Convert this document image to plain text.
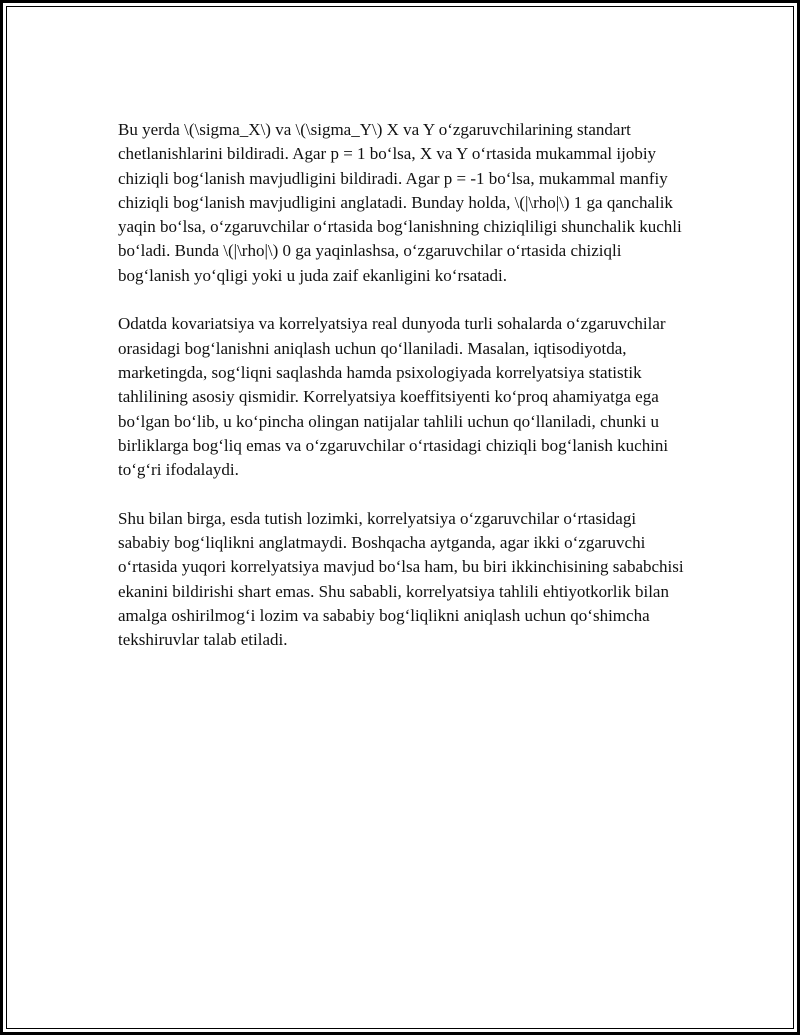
Bu yerda \(\sigma_X\) va \(\sigma_Y\) X va Y o‘zgaruvchilarining standart chetlanishlarini bildiradi. Agar p = 1 bo‘lsa, X va Y o‘rtasida mukammal ijobiy chiziqli bog‘lanish mavjudligini bildiradi. Agar p = -1 bo‘lsa, mukammal manfiy chiziqli bog‘lanish mavjudligini anglatadi. Bunday holda, \(|\rho|\) 1 ga qanchalik yaqin bo‘lsa, o‘zgaruvchilar o‘rtasida bog‘lanishning chiziqliligi shunchalik kuchli bo‘ladi. Bunda \(|\rho|\) 0 ga yaqinlashsa, o‘zgaruvchilar o‘rtasida chiziqli bog‘lanish yo‘qligi yoki u juda zaif ekanligini ko‘rsatadi.

Odatda kovariatsiya va korrelyatsiya real dunyoda turli sohalarda o‘zgaruvchilar orasidagi bog‘lanishni aniqlash uchun qo‘llaniladi. Masalan, iqtisodiyotda, marketingda, sog‘liqni saqlashda hamda psixologiyada korrelyatsiya statistik tahlilining asosiy qismidir. Korrelyatsiya koeffitsiyenti ko‘proq ahamiyatga ega bo‘lgan bo‘lib, u ko‘pincha olingan natijalar tahlili uchun qo‘llaniladi, chunki u birliklarga bog‘liq emas va o‘zgaruvchilar o‘rtasidagi chiziqli bog‘lanish kuchini to‘g‘ri ifodalaydi.

Shu bilan birga, esda tutish lozimki, korrelyatsiya o‘zgaruvchilar o‘rtasidagi sababiy bog‘liqlikni anglatmaydi. Boshqacha aytganda, agar ikki o‘zgaruvchi o‘rtasida yuqori korrelyatsiya mavjud bo‘lsa ham, bu biri ikkinchisining sababchisi ekanini bildirishi shart emas. Shu sababli, korrelyatsiya tahlili ehtiyotkorlik bilan amalga oshirilmog‘i lozim va sababiy bog‘liqlikni aniqlash uchun qo‘shimcha tekshiruvlar talab etiladi.
